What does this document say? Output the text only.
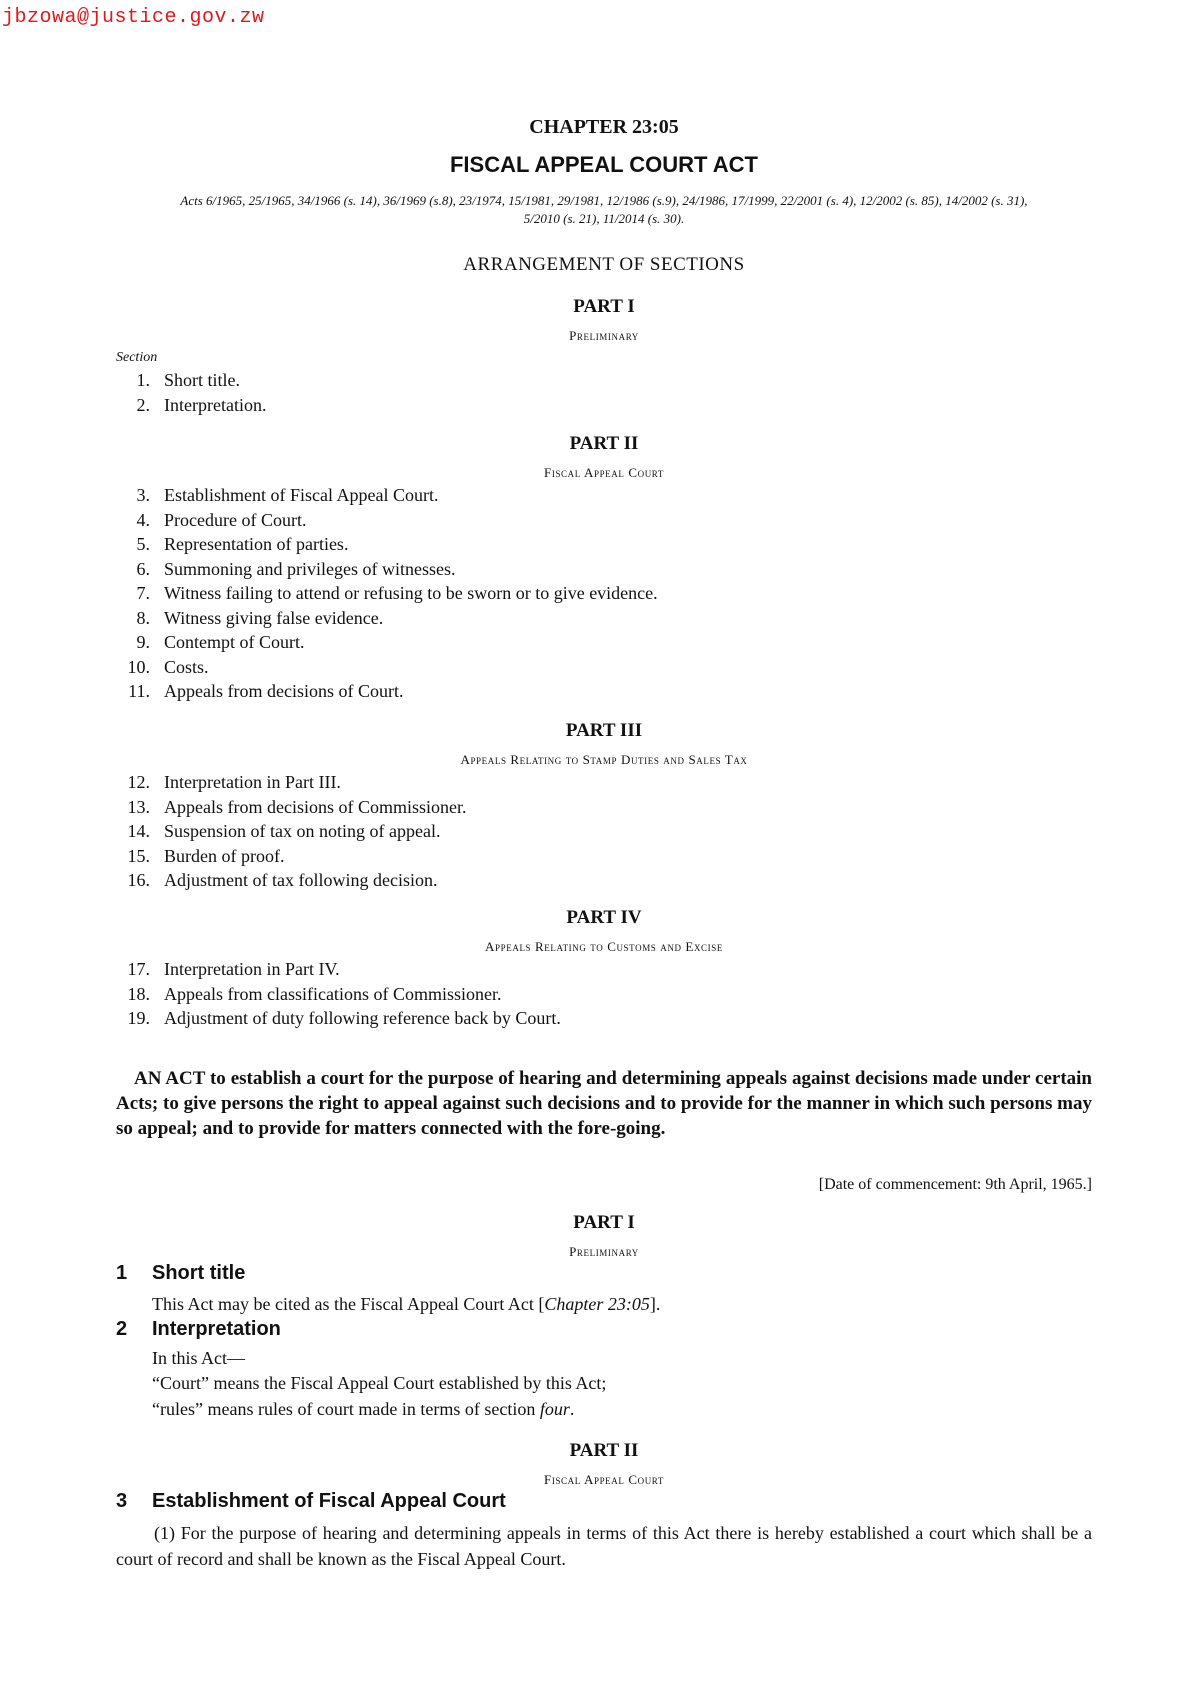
jbzowa@justice.gov.zw
CHAPTER 23:05
FISCAL APPEAL COURT ACT
Acts 6/1965, 25/1965, 34/1966 (s. 14), 36/1969 (s.8), 23/1974, 15/1981, 29/1981, 12/1986 (s.9), 24/1986, 17/1999, 22/2001 (s. 4), 12/2002 (s. 85), 14/2002 (s. 31), 5/2010 (s. 21), 11/2014 (s. 30).
ARRANGEMENT OF SECTIONS
PART I
Preliminary
Section
1. Short title.
2. Interpretation.
PART II
Fiscal Appeal Court
3. Establishment of Fiscal Appeal Court.
4. Procedure of Court.
5. Representation of parties.
6. Summoning and privileges of witnesses.
7. Witness failing to attend or refusing to be sworn or to give evidence.
8. Witness giving false evidence.
9. Contempt of Court.
10. Costs.
11. Appeals from decisions of Court.
PART III
Appeals Relating to Stamp Duties and Sales Tax
12. Interpretation in Part III.
13. Appeals from decisions of Commissioner.
14. Suspension of tax on noting of appeal.
15. Burden of proof.
16. Adjustment of tax following decision.
PART IV
Appeals Relating to Customs and Excise
17. Interpretation in Part IV.
18. Appeals from classifications of Commissioner.
19. Adjustment of duty following reference back by Court.
AN ACT to establish a court for the purpose of hearing and determining appeals against decisions made under certain Acts; to give persons the right to appeal against such decisions and to provide for the manner in which such persons may so appeal; and to provide for matters connected with the fore-going.
[Date of commencement: 9th April, 1965.]
PART I
Preliminary
1 Short title
This Act may be cited as the Fiscal Appeal Court Act [Chapter 23:05].
2 Interpretation
In this Act—
“Court” means the Fiscal Appeal Court established by this Act;
“rules” means rules of court made in terms of section four.
PART II
Fiscal Appeal Court
3 Establishment of Fiscal Appeal Court
(1) For the purpose of hearing and determining appeals in terms of this Act there is hereby established a court which shall be a court of record and shall be known as the Fiscal Appeal Court.
